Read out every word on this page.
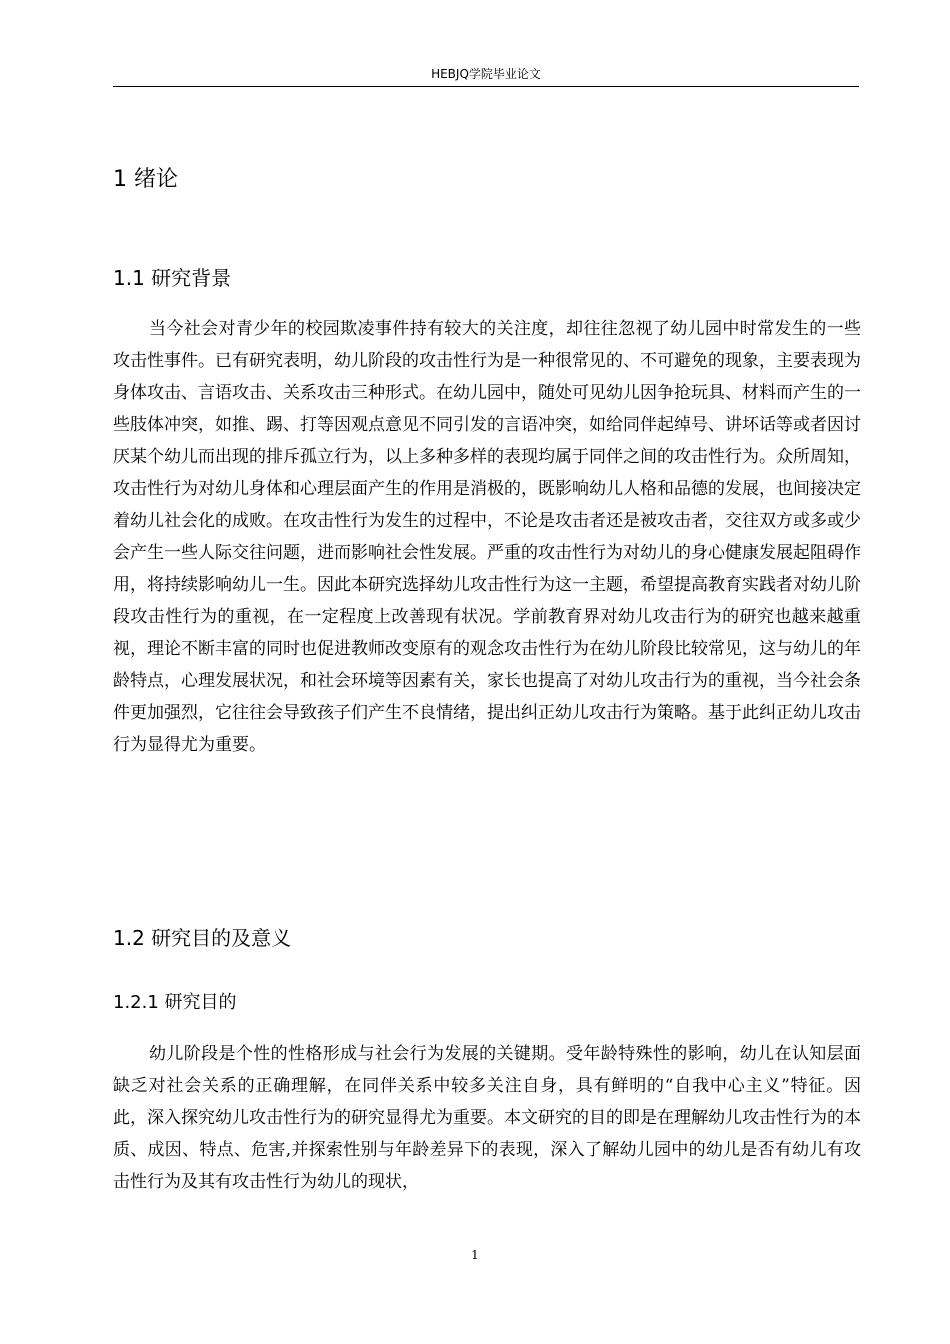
HEBJQ学院毕业论文
1 绪论
1.1 研究背景

当今社会对青少年的校园欺凌事件持有较大的关注度，却往往忽视了幼儿园中时常发生的一些攻击性事件。已有研究表明，幼儿阶段的攻击性行为是一种很常见的、不可避免的现象，主要表现为身体攻击、言语攻击、关系攻击三种形式。在幼儿园中，随处可见幼儿因争抢玩具、材料而产生的一些肢体冲突，如推、踢、打等因观点意见不同引发的言语冲突，如给同伴起绰号、讲坏话等或者因讨厌某个幼儿而出现的排斥孤立行为，以上多种多样的表现均属于同伴之间的攻击性行为。众所周知，攻击性行为对幼儿身体和心理层面产生的作用是消极的，既影响幼儿人格和品德的发展，也间接决定着幼儿社会化的成败。在攻击性行为发生的过程中，不论是攻击者还是被攻击者，交往双方或多或少会产生一些人际交往问题，进而影响社会性发展。严重的攻击性行为对幼儿的身心健康发展起阻碍作用，将持续影响幼儿一生。因此本研究选择幼儿攻击性行为这一主题，希望提高教育实践者对幼儿阶段攻击性行为的重视，在一定程度上改善现有状况。学前教育界对幼儿攻击行为的研究也越来越重视，理论不断丰富的同时也促进教师改变原有的观念攻击性行为在幼儿阶段比较常见，这与幼儿的年龄特点，心理发展状况，和社会环境等因素有关，家长也提高了对幼儿攻击行为的重视，当今社会条件更加强烈，它往往会导致孩子们产生不良情绪，提出纠正幼儿攻击行为策略。基于此纠正幼儿攻击行为显得尤为重要。

1.2 研究目的及意义
1.2.1 研究目的

幼儿阶段是个性的性格形成与社会行为发展的关键期。受年龄特殊性的影响，幼儿在认知层面缺乏对社会关系的正确理解，在同伴关系中较多关注自身，具有鲜明的“自我中心主义”特征。因此，深入探究幼儿攻击性行为的研究显得尤为重要。本文研究的目的即是在理解幼儿攻击性行为的本质、成因、特点、危害,并探索性别与年龄差异下的表现，深入了解幼儿园中的幼儿是否有幼儿有攻击性行为及其有攻击性行为幼儿的现状，

1
